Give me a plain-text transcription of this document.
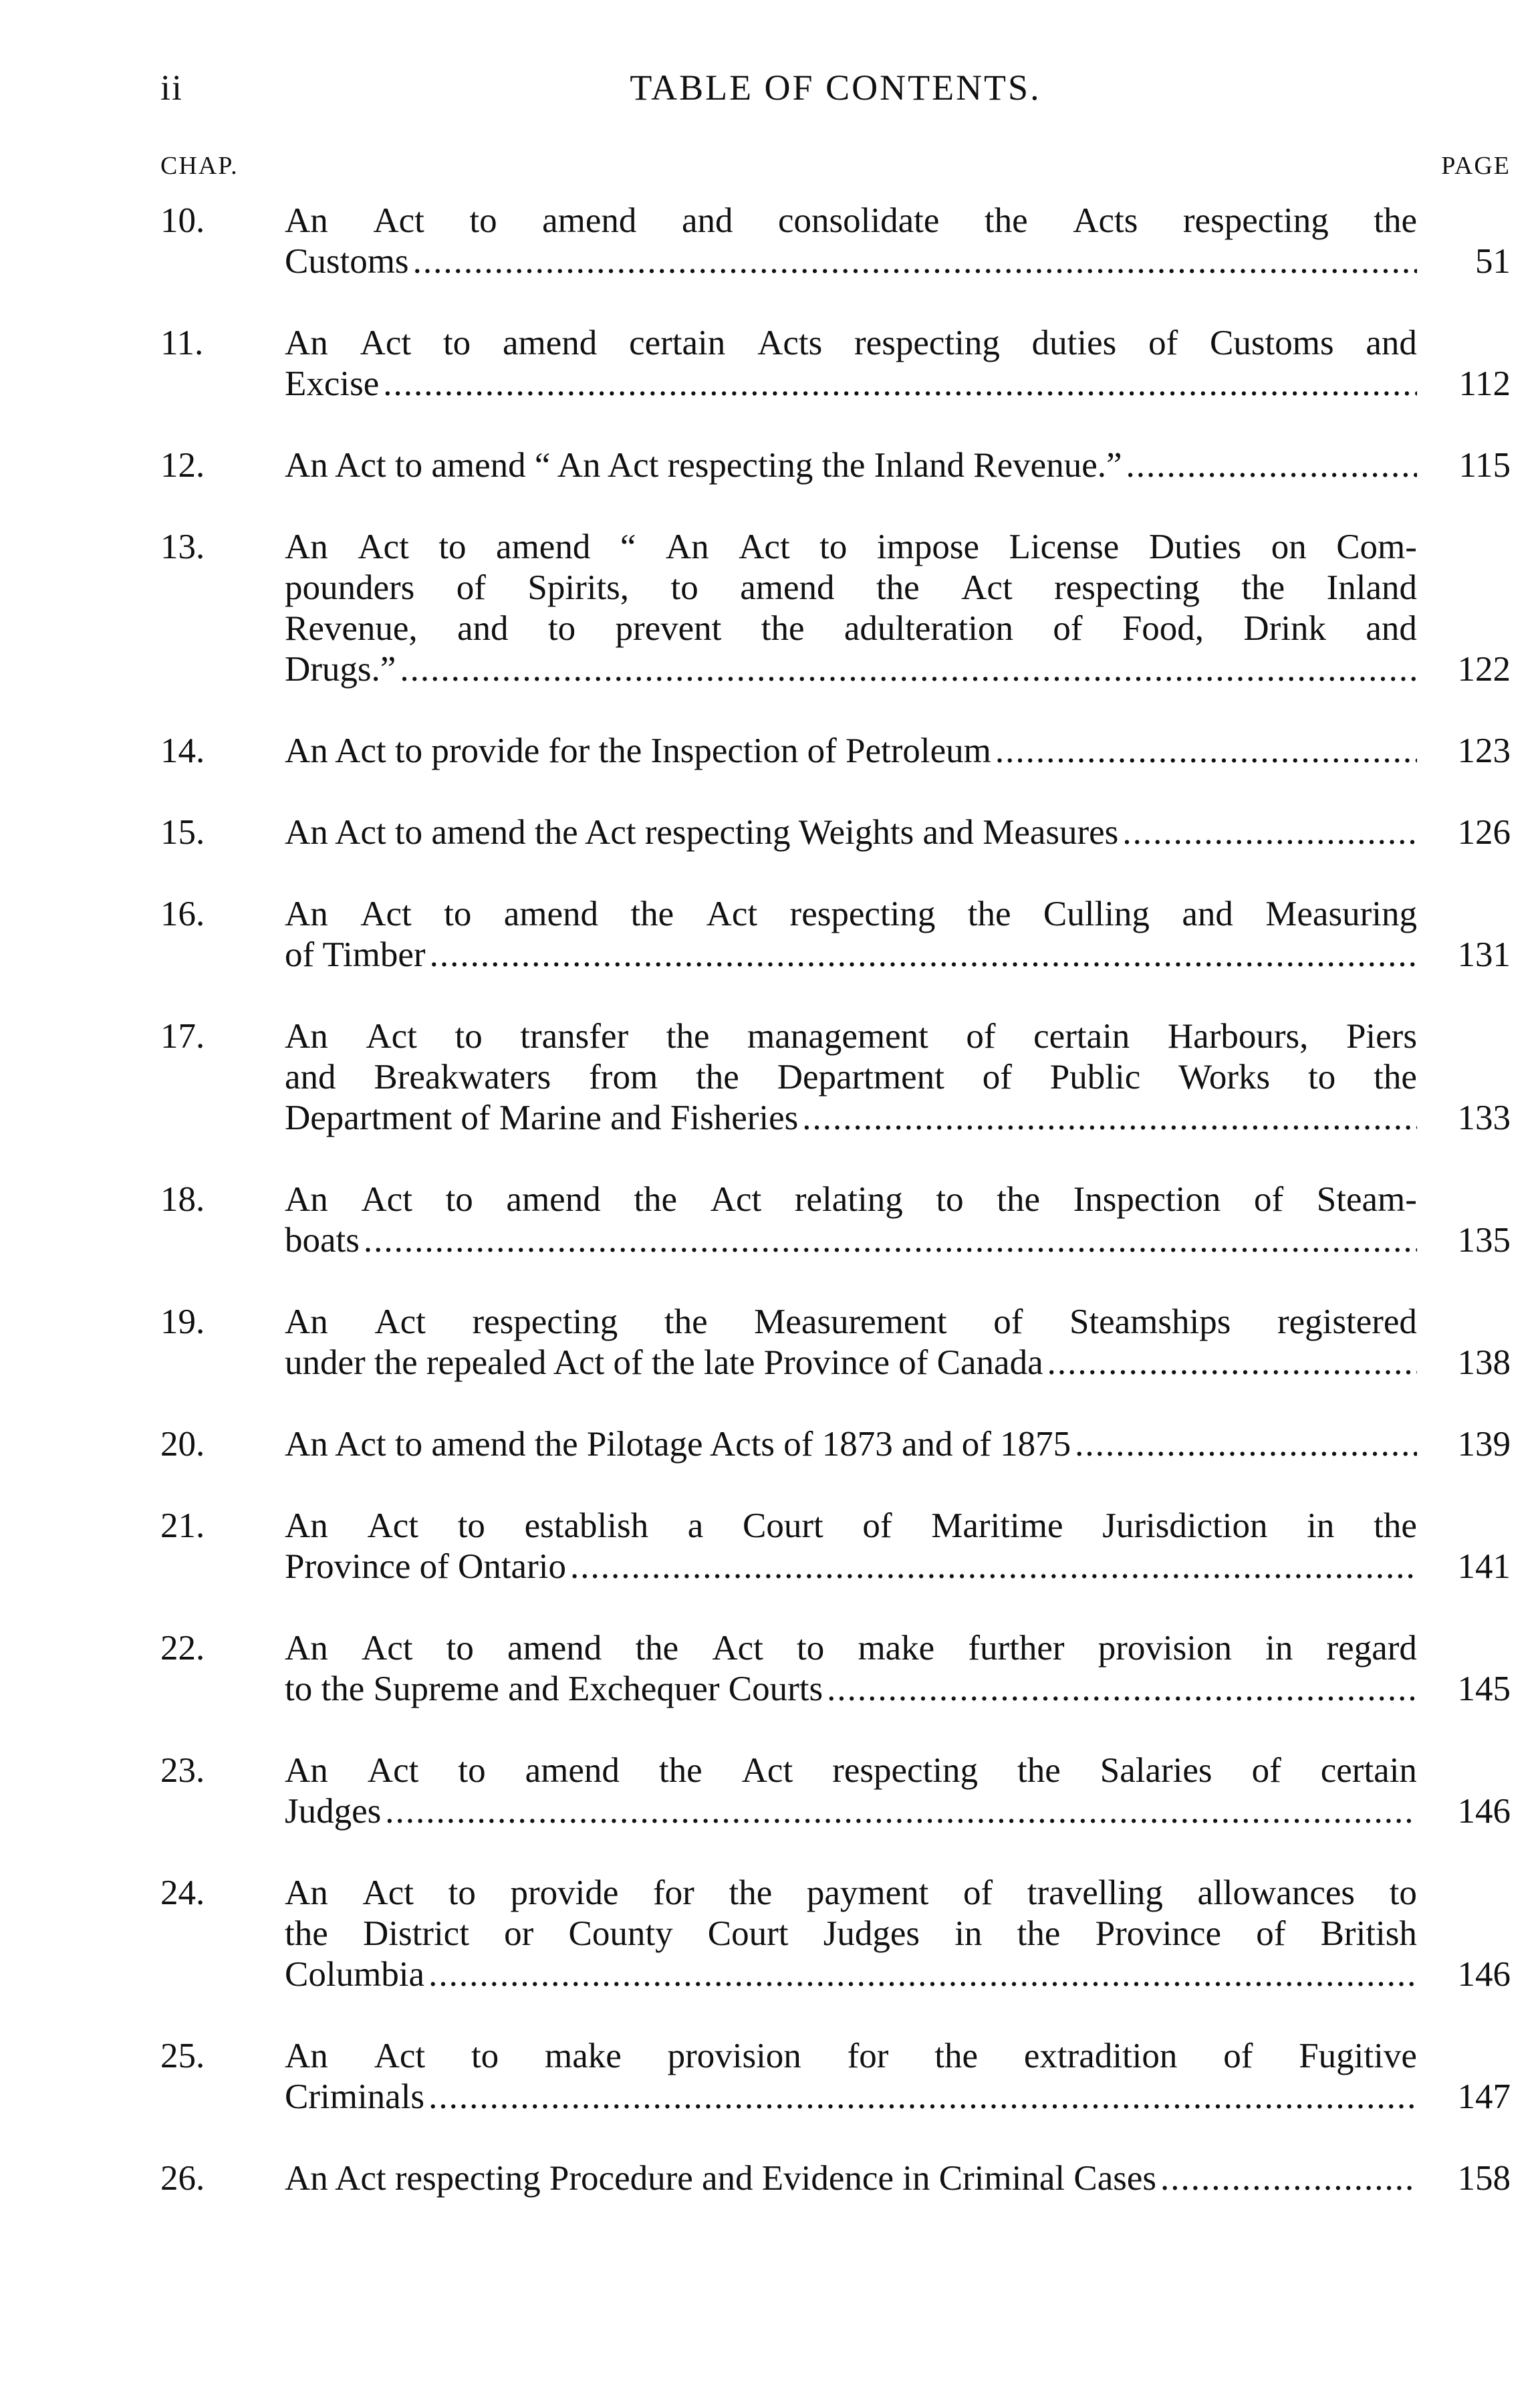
ii	TABLE OF CONTENTS.
CHAP.	PAGE
10. An Act to amend and consolidate the Acts respecting the
Customs .....	51
11. An Act to amend certain Acts respecting duties of Customs and
Excise .....	112
12. An Act to amend “ An Act respecting the Inland Revenue.” .....	115
13. An Act to amend “ An Act to impose License Duties on Com-
pounders of Spirits, to amend the Act respecting the Inland
Revenue, and to prevent the adulteration of Food, Drink and
Drugs.” .....	122
14. An Act to provide for the Inspection of Petroleum .....	123
15. An Act to amend the Act respecting Weights and Measures .....	126
16. An Act to amend the Act respecting the Culling and Measuring
of Timber .....	131
17. An Act to transfer the management of certain Harbours, Piers
and Breakwaters from the Department of Public Works to the
Department of Marine and Fisheries .....	133
18. An Act to amend the Act relating to the Inspection of Steam-
boats .....	135
19. An Act respecting the Measurement of Steamships registered
under the repealed Act of the late Province of Canada .....	138
20. An Act to amend the Pilotage Acts of 1873 and of 1875 .....	139
21. An Act to establish a Court of Maritime Jurisdiction in the
Province of Ontario .....	141
22. An Act to amend the Act to make further provision in regard
to the Supreme and Exchequer Courts .....	145
23. An Act to amend the Act respecting the Salaries of certain
Judges .....	146
24. An Act to provide for the payment of travelling allowances to
the District or County Court Judges in the Province of British
Columbia .....	146
25. An Act to make provision for the extradition of Fugitive
Criminals .....	147
26. An Act respecting Procedure and Evidence in Criminal Cases .....	158
